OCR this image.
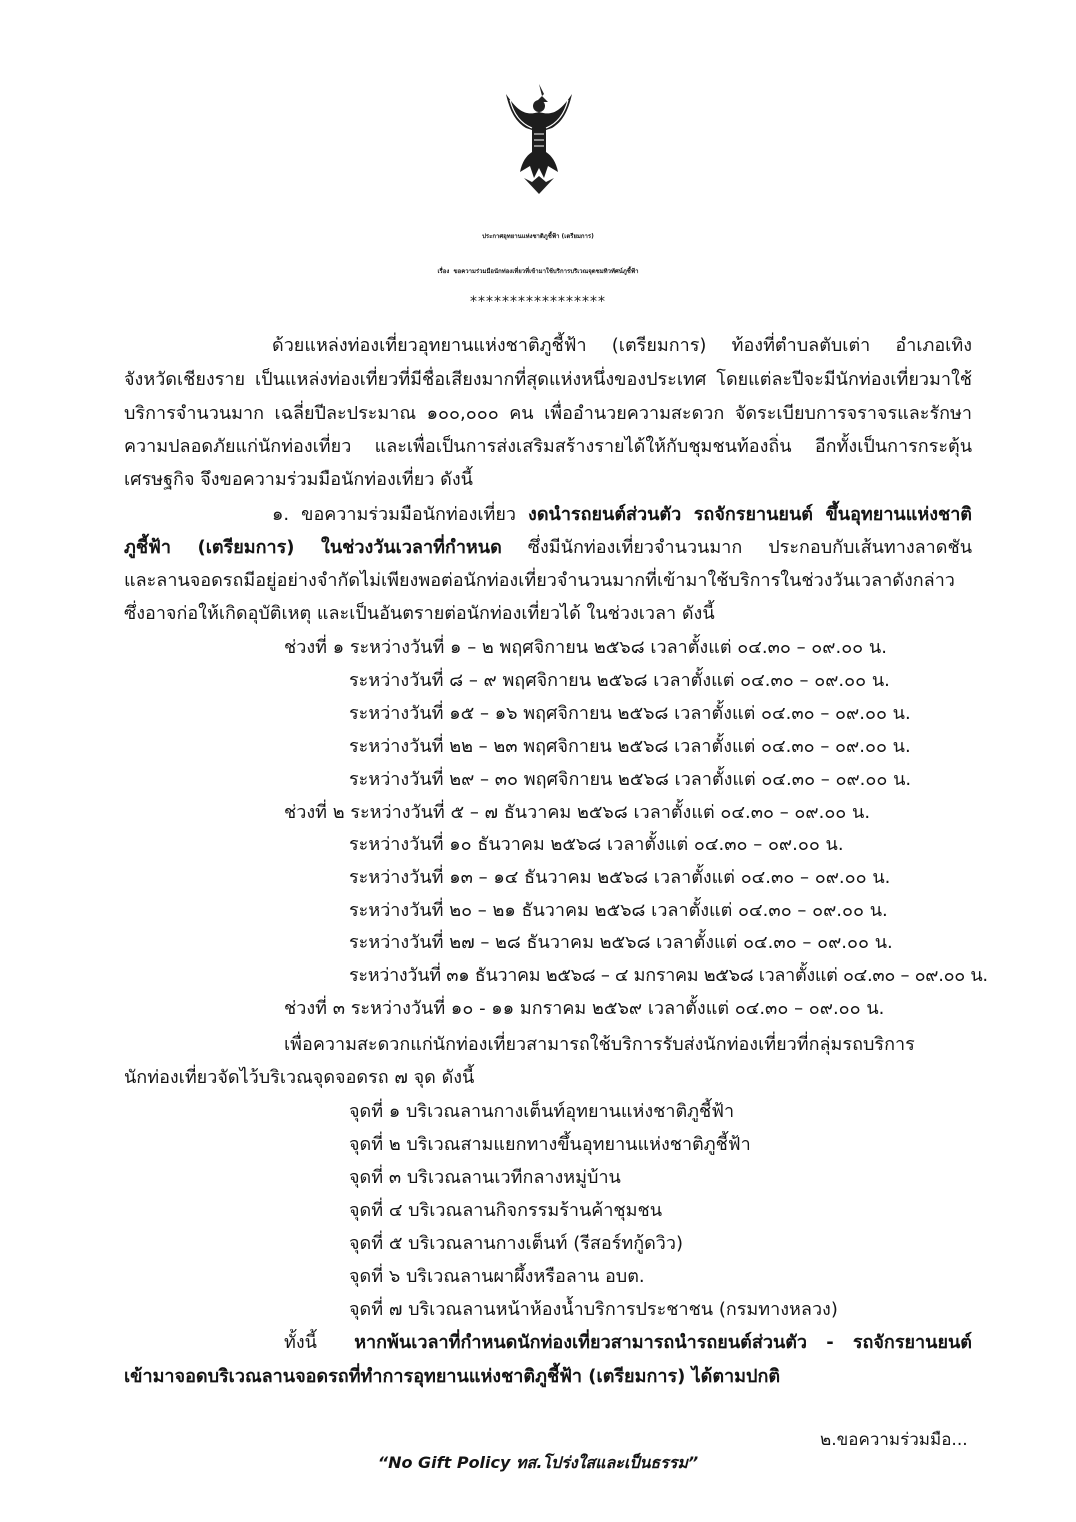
ประกาศอุทยานแห่งชาติภูชี้ฟ้า (เตรียมการ)
เรื่อง ขอความร่วมมือนักท่องเที่ยวที่เข้ามาใช้บริการบริเวณจุดชมทิวทัศน์ภูชี้ฟ้า
*****************
ด้วยแหล่งท่องเที่ยวอุทยานแห่งชาติภูชี้ฟ้า (เตรียมการ) ท้องที่ตำบลตับเต่า อำเภอเทิง
จังหวัดเชียงราย เป็นแหล่งท่องเที่ยวที่มีชื่อเสียงมากที่สุดแห่งหนึ่งของประเทศ โดยแต่ละปีจะมีนักท่องเที่ยวมาใช้
บริการจำนวนมาก เฉลี่ยปีละประมาณ ๑๐๐,๐๐๐ คน เพื่ออำนวยความสะดวก จัดระเบียบการจราจรและรักษา
ความปลอดภัยแก่นักท่องเที่ยว และเพื่อเป็นการส่งเสริมสร้างรายได้ให้กับชุมชนท้องถิ่น อีกทั้งเป็นการกระตุ้น
เศรษฐกิจ จึงขอความร่วมมือนักท่องเที่ยว ดังนี้
๑. ขอความร่วมมือนักท่องเที่ยว งดนำรถยนต์ส่วนตัว รถจักรยานยนต์ ขึ้นอุทยานแห่งชาติ
ภูชี้ฟ้า (เตรียมการ) ในช่วงวันเวลาที่กำหนด ซึ่งมีนักท่องเที่ยวจำนวนมาก ประกอบกับเส้นทางลาดชัน
และลานจอดรถมีอยู่อย่างจำกัดไม่เพียงพอต่อนักท่องเที่ยวจำนวนมากที่เข้ามาใช้บริการในช่วงวันเวลาดังกล่าว
ซึ่งอาจก่อให้เกิดอุบัติเหตุ และเป็นอันตรายต่อนักท่องเที่ยวได้ ในช่วงเวลา ดังนี้
ช่วงที่ ๑ ระหว่างวันที่ ๑ – ๒ พฤศจิกายน ๒๕๖๘ เวลาตั้งแต่ ๐๔.๓๐ – ๐๙.๐๐ น.
ระหว่างวันที่ ๘ – ๙ พฤศจิกายน ๒๕๖๘ เวลาตั้งแต่ ๐๔.๓๐ – ๐๙.๐๐ น.
ระหว่างวันที่ ๑๕ – ๑๖ พฤศจิกายน ๒๕๖๘ เวลาตั้งแต่ ๐๔.๓๐ – ๐๙.๐๐ น.
ระหว่างวันที่ ๒๒ – ๒๓ พฤศจิกายน ๒๕๖๘ เวลาตั้งแต่ ๐๔.๓๐ – ๐๙.๐๐ น.
ระหว่างวันที่ ๒๙ – ๓๐ พฤศจิกายน ๒๕๖๘ เวลาตั้งแต่ ๐๔.๓๐ – ๐๙.๐๐ น.
ช่วงที่ ๒ ระหว่างวันที่ ๕ – ๗ ธันวาคม ๒๕๖๘ เวลาตั้งแต่ ๐๔.๓๐ – ๐๙.๐๐ น.
ระหว่างวันที่ ๑๐ ธันวาคม ๒๕๖๘ เวลาตั้งแต่ ๐๔.๓๐ – ๐๙.๐๐ น.
ระหว่างวันที่ ๑๓ – ๑๔ ธันวาคม ๒๕๖๘ เวลาตั้งแต่ ๐๔.๓๐ – ๐๙.๐๐ น.
ระหว่างวันที่ ๒๐ – ๒๑ ธันวาคม ๒๕๖๘ เวลาตั้งแต่ ๐๔.๓๐ – ๐๙.๐๐ น.
ระหว่างวันที่ ๒๗ – ๒๘ ธันวาคม ๒๕๖๘ เวลาตั้งแต่ ๐๔.๓๐ – ๐๙.๐๐ น.
ระหว่างวันที่ ๓๑ ธันวาคม ๒๕๖๘ – ๔ มกราคม ๒๕๖๘ เวลาตั้งแต่ ๐๔.๓๐ – ๐๙.๐๐ น.
ช่วงที่ ๓ ระหว่างวันที่ ๑๐ - ๑๑ มกราคม ๒๕๖๙ เวลาตั้งแต่ ๐๔.๓๐ – ๐๙.๐๐ น.
เพื่อความสะดวกแก่นักท่องเที่ยวสามารถใช้บริการรับส่งนักท่องเที่ยวที่กลุ่มรถบริการ
นักท่องเที่ยวจัดไว้บริเวณจุดจอดรถ ๗ จุด ดังนี้
จุดที่ ๑ บริเวณลานกางเต็นท์อุทยานแห่งชาติภูชี้ฟ้า
จุดที่ ๒ บริเวณสามแยกทางขึ้นอุทยานแห่งชาติภูชี้ฟ้า
จุดที่ ๓ บริเวณลานเวทีกลางหมู่บ้าน
จุดที่ ๔ บริเวณลานกิจกรรมร้านค้าชุมชน
จุดที่ ๕ บริเวณลานกางเต็นท์ (รีสอร์ทกู้ดวิว)
จุดที่ ๖ บริเวณลานผาผึ้งหรือลาน อบต.
จุดที่ ๗ บริเวณลานหน้าห้องน้ำบริการประชาชน (กรมทางหลวง)
ทั้งนี้ หากพ้นเวลาที่กำหนดนักท่องเที่ยวสามารถนำรถยนต์ส่วนตัว - รถจักรยานยนต์
เข้ามาจอดบริเวณลานจอดรถที่ทำการอุทยานแห่งชาติภูชี้ฟ้า (เตรียมการ) ได้ตามปกติ
๒.ขอความร่วมมือ...
“No Gift Policy ทส.โปร่งใสและเป็นธรรม”
